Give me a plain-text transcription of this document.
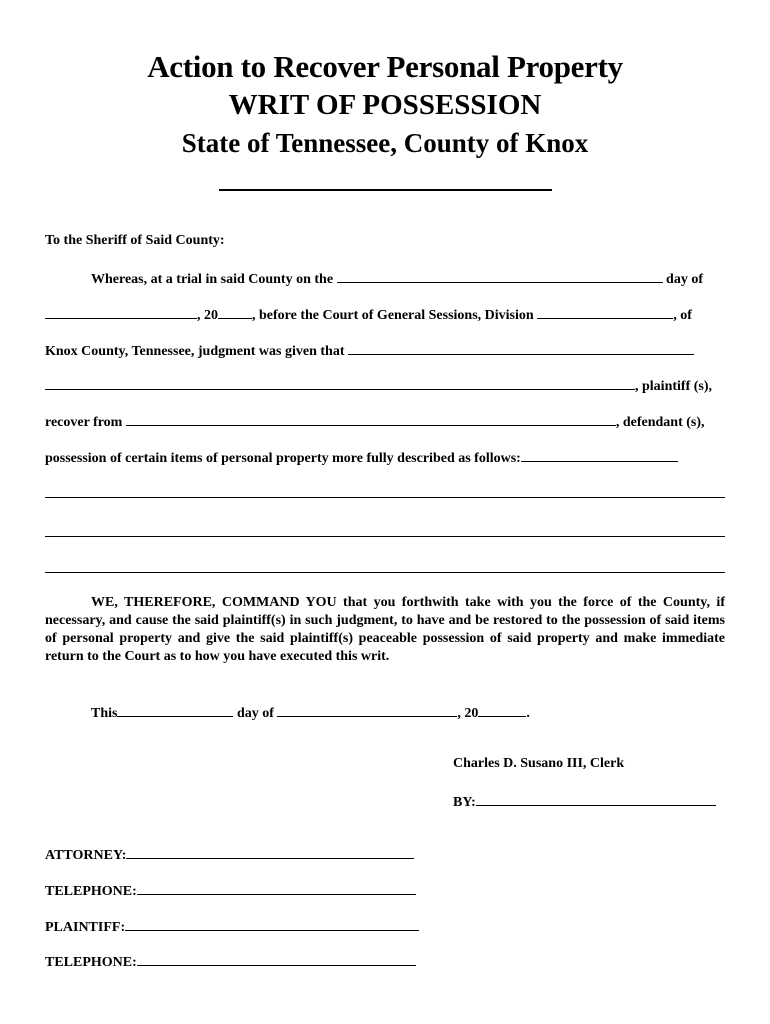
Action to Recover Personal Property
WRIT OF POSSESSION
State of Tennessee, County of Knox
To the Sheriff of Said County:
Whereas, at a trial in said County on the	day of
, 20 , before the Court of General Sessions, Division	, of
Knox County, Tennessee, judgment was given that
, plaintiff (s),
recover from	, defendant (s),
possession of certain items of personal property more fully described as follows:
WE, THEREFORE, COMMAND YOU that you forthwith take with you the force of the County, if necessary, and cause the said plaintiff(s) in such judgment, to have and be restored to the possession of said items of personal property and give the said plaintiff(s) peaceable possession of said property and make immediate return to the Court as to how you have executed this writ.
This	day of	, 20	.
Charles D. Susano III, Clerk
BY:
ATTORNEY:
TELEPHONE:
PLAINTIFF:
TELEPHONE:
